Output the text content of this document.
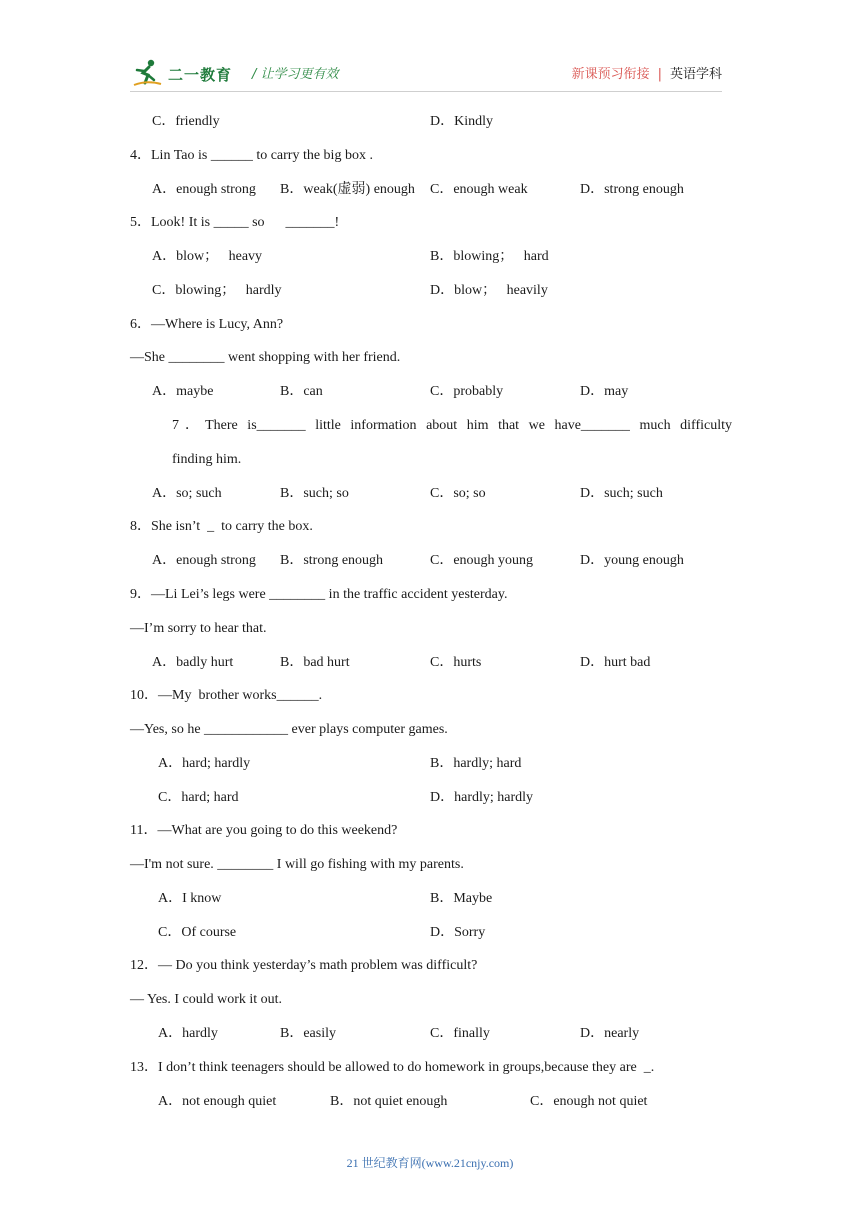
二一教育 / 让学习更有效	新课预习衔接 | 英语学科
C．friendly	D．Kindly
4．Lin Tao is ______ to carry the big box .
A．enough strong B．weak(虚弱) enough C．enough weak	D．strong enough
5．Look! It is _____ so      _______!
A．blow；   heavy	B．blowing；   hard
C．blowing；   hardly	D．blow；   heavily
6．—Where is Lucy, Ann?
—She ________ went shopping with her friend.
A．maybe	B．can	C．probably	D．may
7．There is_______ little information about him that we have_______ much difficulty
finding him.
A．so; such	B．such; so	C．so; so	D．such; such
8．She isn’t  _  to carry the box.
A．enough strong B．strong enough	C．enough young	D．young enough
9．—Li Lei’s legs were ________ in the traffic accident yesterday.
—I’m sorry to hear that.
A．badly hurt	B．bad hurt	C．hurts	D．hurt bad
10．—My  brother works______.
—Yes, so he ____________ ever plays computer games.
A．hard; hardly	B．hardly; hard
C．hard; hard	D．hardly; hardly
11．—What are you going to do this weekend?
—I'm not sure. ________ I will go fishing with my parents.
A．I know	B．Maybe
C．Of course	D．Sorry
12．— Do you think yesterday’s math problem was difficult?
— Yes. I could work it out.
A．hardly	B．easily	C．finally	D．nearly
13．I don’t think teenagers should be allowed to do homework in groups,because they are  _.
A．not enough quiet	B．not quiet enough	C．enough not quiet
21 世纪教育网(www.21cnjy.com)
